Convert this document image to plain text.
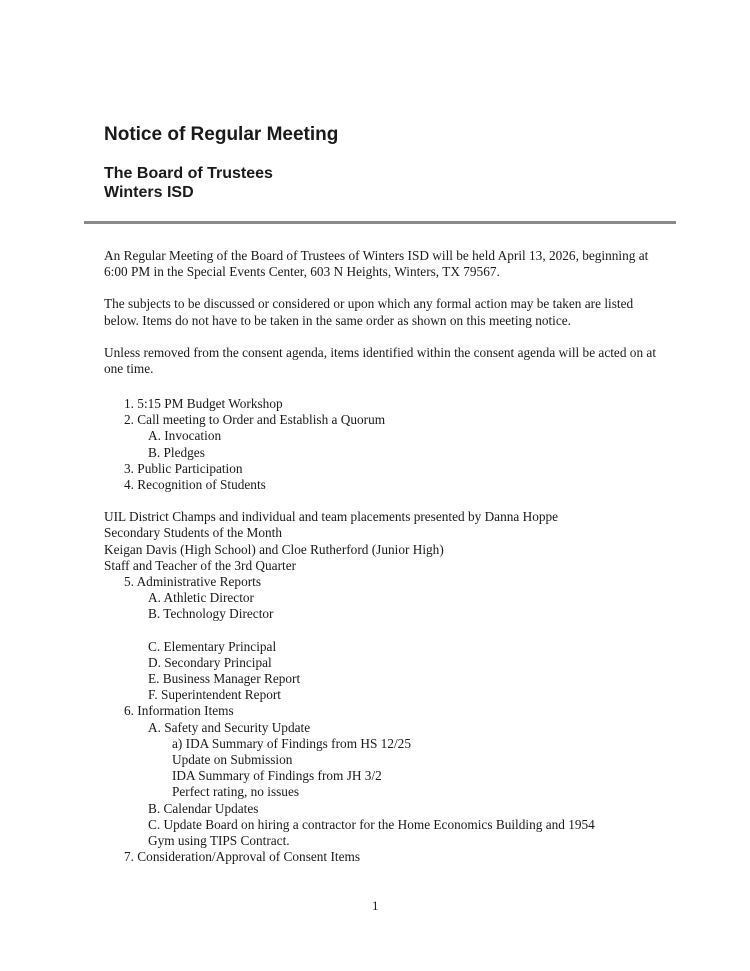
Notice of Regular Meeting
The Board of Trustees
Winters ISD

An Regular Meeting of the Board of Trustees of Winters ISD will be held April 13, 2026, beginning at 6:00 PM in the Special Events Center, 603 N Heights, Winters, TX 79567.

The subjects to be discussed or considered or upon which any formal action may be taken are listed below. Items do not have to be taken in the same order as shown on this meeting notice.

Unless removed from the consent agenda, items identified within the consent agenda will be acted on at one time.

1. 5:15 PM Budget Workshop
2. Call meeting to Order and Establish a Quorum
A. Invocation
B. Pledges
3. Public Participation
4. Recognition of Students
UIL District Champs and individual and team placements presented by Danna Hoppe
Secondary Students of the Month
Keigan Davis (High School) and Cloe Rutherford (Junior High)
Staff and Teacher of the 3rd Quarter
5. Administrative Reports
A. Athletic Director
B. Technology Director
C. Elementary Principal
D. Secondary Principal
E. Business Manager Report
F. Superintendent Report
6. Information Items
A. Safety and Security Update
a) IDA Summary of Findings from HS 12/25
Update on Submission
IDA Summary of Findings from JH 3/2
Perfect rating, no issues
B. Calendar Updates
C. Update Board on hiring a contractor for the Home Economics Building and 1954
Gym using TIPS Contract.
7. Consideration/Approval of Consent Items
1
